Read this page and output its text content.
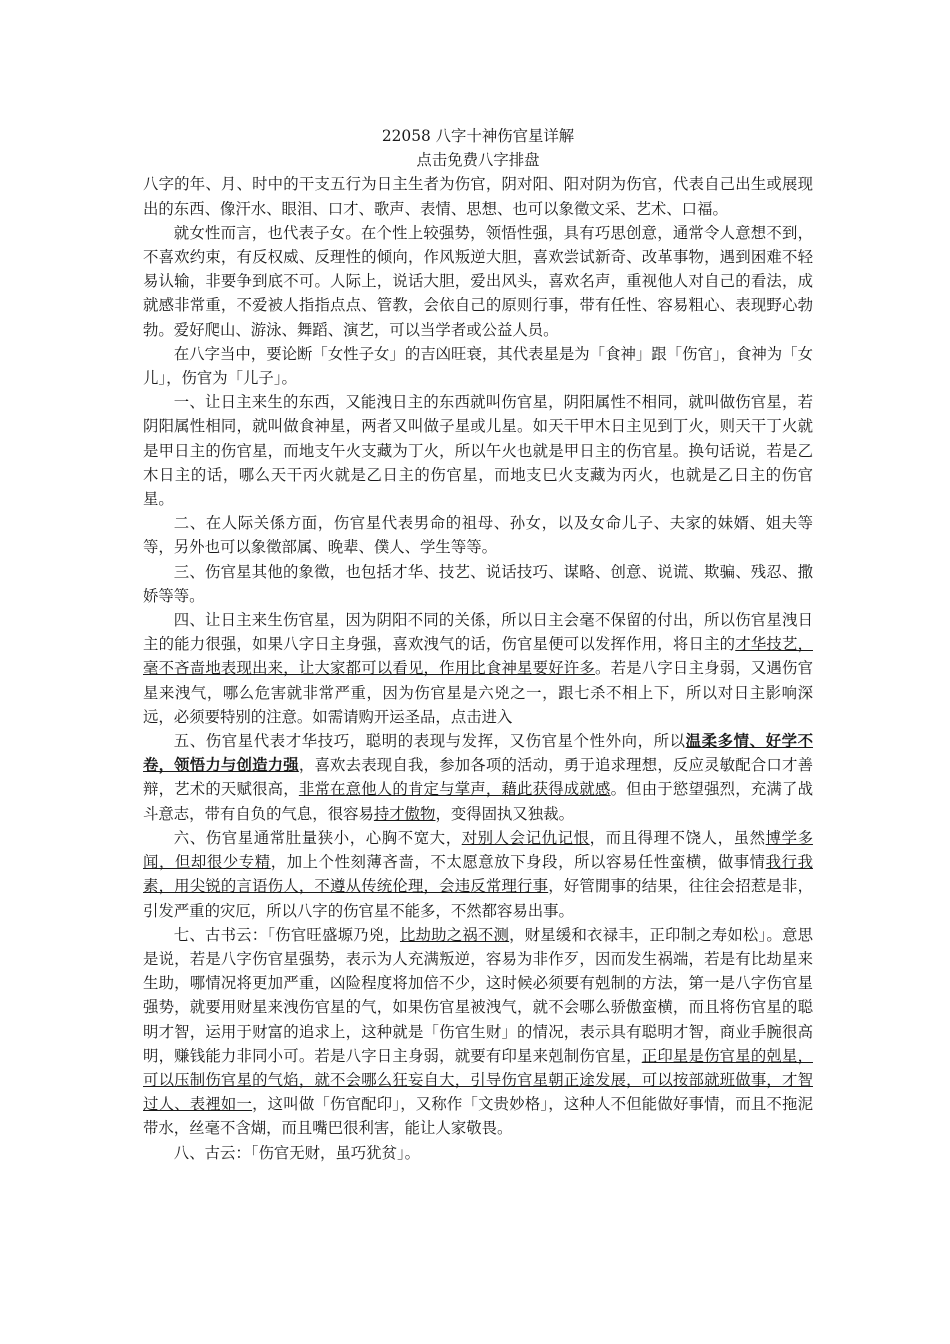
22058 八字十神伤官星详解

点击免费八字排盘

八字的年、月、时中的干支五行为日主生者为伤官，阴对阳、阳对阴为伤官，代表自己出生或展现出的东西、像汗水、眼泪、口才、歌声、表情、思想、也可以象徵文采、艺术、口福。

就女性而言，也代表子女。在个性上较强势，领悟性强，具有巧思创意，通常令人意想不到，不喜欢约束，有反权威、反理性的倾向，作风叛逆大胆，喜欢尝试新奇、改革事物，遇到困难不轻易认输，非要争到底不可。人际上，说话大胆，爱出风头，喜欢名声，重视他人对自己的看法，成就感非常重，不爱被人指指点点、管教，会依自己的原则行事，带有任性、容易粗心、表现野心勃勃。爱好爬山、游泳、舞蹈、演艺，可以当学者或公益人员。

在八字当中，要论断「女性子女」的吉凶旺衰，其代表星是为「食神」跟「伤官」，食神为「女儿」，伤官为「儿子」。

一、让日主来生的东西，又能洩日主的东西就叫伤官星，阴阳属性不相同，就叫做伤官星，若阴阳属性相同，就叫做食神星，两者又叫做子星或儿星。如天干甲木日主见到丁火，则天干丁火就是甲日主的伤官星，而地支午火支藏为丁火，所以午火也就是甲日主的伤官星。换句话说，若是乙木日主的话，哪么天干丙火就是乙日主的伤官星，而地支巳火支藏为丙火，也就是乙日主的伤官星。

二、在人际关係方面，伤官星代表男命的祖母、孙女，以及女命儿子、夫家的妹婿、姐夫等等，另外也可以象徵部属、晚辈、僕人、学生等等。

三、伤官星其他的象徵，也包括才华、技艺、说话技巧、谋略、创意、说谎、欺骗、残忍、撒娇等等。

四、让日主来生伤官星，因为阴阳不同的关係，所以日主会毫不保留的付出，所以伤官星洩日主的能力很强，如果八字日主身强，喜欢洩气的话，伤官星便可以发挥作用，将日主的才华技艺，毫不吝啬地表现出来，让大家都可以看见，作用比食神星要好许多。若是八字日主身弱，又遇伤官星来洩气，哪么危害就非常严重，因为伤官星是六兇之一，跟七杀不相上下，所以对日主影响深远，必须要特别的注意。如需请购开运圣品，点击进入

五、伤官星代表才华技巧，聪明的表现与发挥，又伤官星个性外向，所以温柔多情、好学不卷，领悟力与创造力强，喜欢去表现自我，参加各项的活动，勇于追求理想，反应灵敏配合口才善辩，艺术的天赋很高，非常在意他人的肯定与掌声，藉此获得成就感。但由于慾望强烈，充满了战斗意志，带有自负的气息，很容易持才傲物，变得固执又独裁。

六、伤官星通常肚量狭小，心胸不宽大，对别人会记仇记恨，而且得理不饶人，虽然博学多闻，但却很少专精，加上个性刻薄吝啬，不太愿意放下身段，所以容易任性蛮横，做事情我行我素，用尖锐的言语伤人，不遵从传统伦理，会违反常理行事，好管閒事的结果，往往会招惹是非，引发严重的灾厄，所以八字的伤官星不能多，不然都容易出事。

七、古书云：「伤官旺盛塬乃兇，比劫助之祸不测，财星缓和衣禄丰，正印制之寿如松」。意思是说，若是八字伤官星强势，表示为人充满叛逆，容易为非作歹，因而发生祸端，若是有比劫星来生助，哪情况将更加严重，凶险程度将加倍不少，这时候必须要有剋制的方法，第一是八字伤官星强势，就要用财星来洩伤官星的气，如果伤官星被洩气，就不会哪么骄傲蛮横，而且将伤官星的聪明才智，运用于财富的追求上，这种就是「伤官生财」的情况，表示具有聪明才智，商业手腕很高明，赚钱能力非同小可。若是八字日主身弱，就要有印星来剋制伤官星，正印星是伤官星的剋星，可以压制伤官星的气焰，就不会哪么狂妄自大，引导伤官星朝正途发展，可以按部就班做事，才智过人、表裡如一，这叫做「伤官配印」，又称作「文贵妙格」，这种人不但能做好事情，而且不拖泥带水，丝毫不含煳，而且嘴巴很利害，能让人家敬畏。

八、古云：「伤官无财，虽巧犹贫」。
